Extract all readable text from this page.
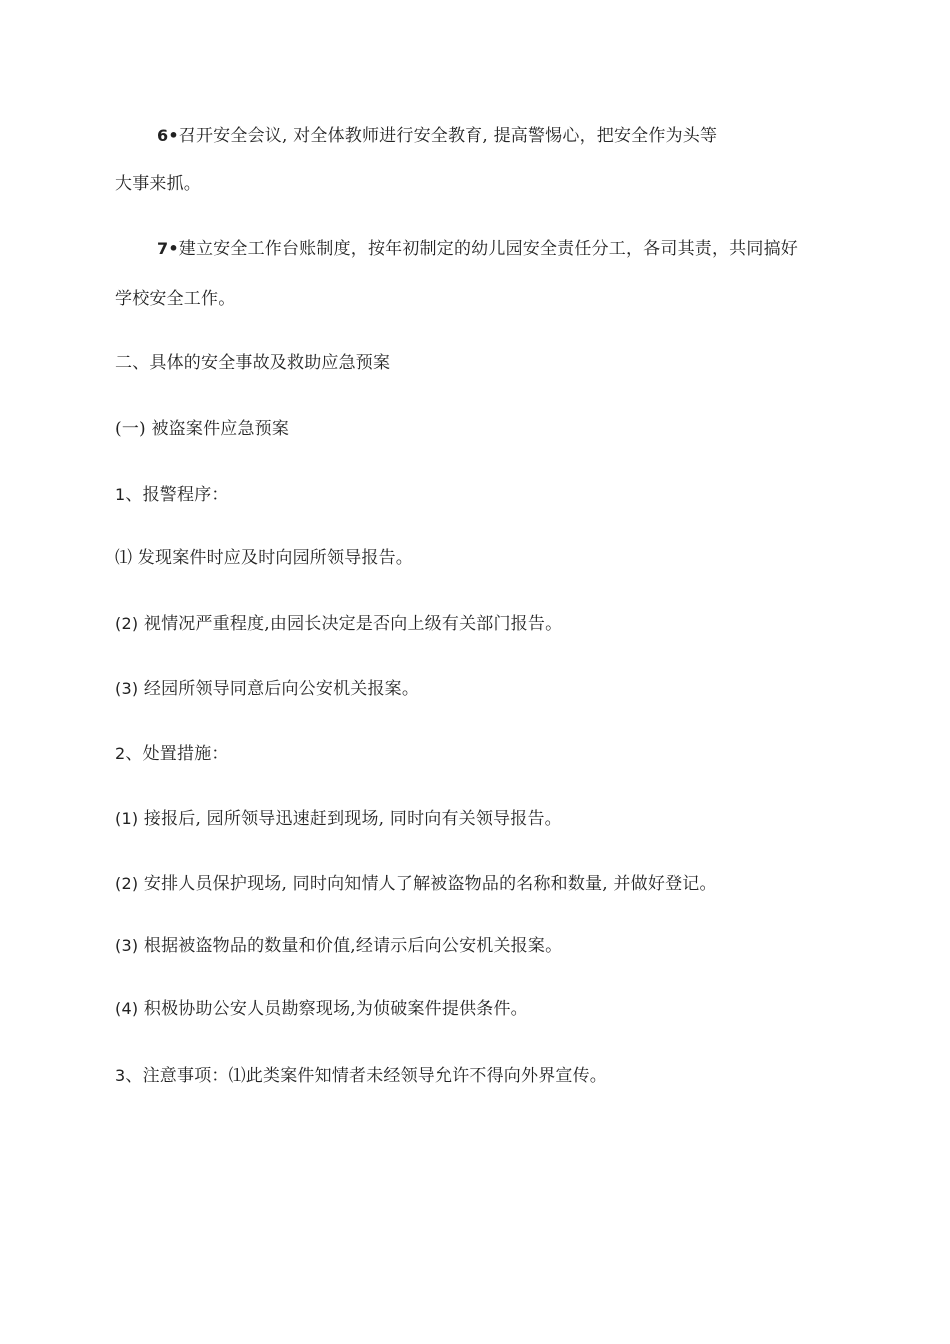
6•召开安全会议, 对全体教师进行安全教育, 提高警惕心，把安全作为头等
大事来抓。
7•建立安全工作台账制度，按年初制定的幼儿园安全责任分工，各司其责，共同搞好
学校安全工作。
二、具体的安全事故及救助应急预案
(一) 被盗案件应急预案
1、报警程序：
⑴ 发现案件时应及时向园所领导报告。
(2) 视情况严重程度,由园长决定是否向上级有关部门报告。
(3) 经园所领导同意后向公安机关报案。
2、处置措施：
(1) 接报后, 园所领导迅速赶到现场, 同时向有关领导报告。
(2) 安排人员保护现场, 同时向知情人了解被盗物品的名称和数量, 并做好登记。
(3) 根据被盗物品的数量和价值,经请示后向公安机关报案。
(4) 积极协助公安人员勘察现场,为侦破案件提供条件。
3、注意事项：⑴此类案件知情者未经领导允许不得向外界宣传。
